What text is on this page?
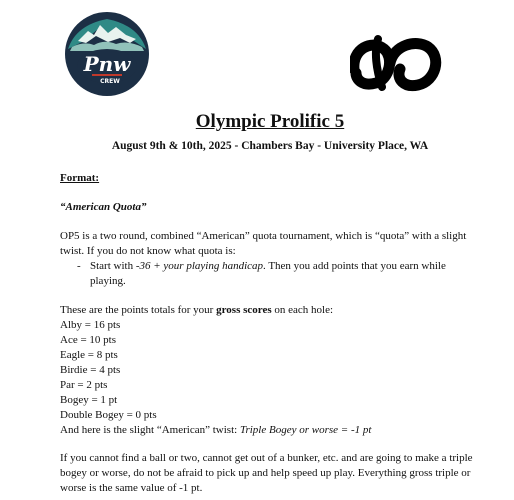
Pnw
CREW
Olympic Prolific 5
August 9th & 10th, 2025 - Chambers Bay - University Place, WA
Format:
“American Quota”

OP5 is a two round, combined “American” quota tournament, which is “quota” with a slight twist. If you do not know what quota is:

- Start with -36 + your playing handicap. Then you add points that you earn while playing.

These are the points totals for your gross scores on each hole:

Alby = 16 pts
Ace = 10 pts
Eagle = 8 pts
Birdie = 4 pts
Par = 2 pts
Bogey = 1 pt
Double Bogey = 0 pts

And here is the slight “American” twist: Triple Bogey or worse = -1 pt

If you cannot find a ball or two, cannot get out of a bunker, etc. and are going to make a triple bogey or worse, do not be afraid to pick up and help speed up play. Everything gross triple or worse is the same value of -1 pt.
